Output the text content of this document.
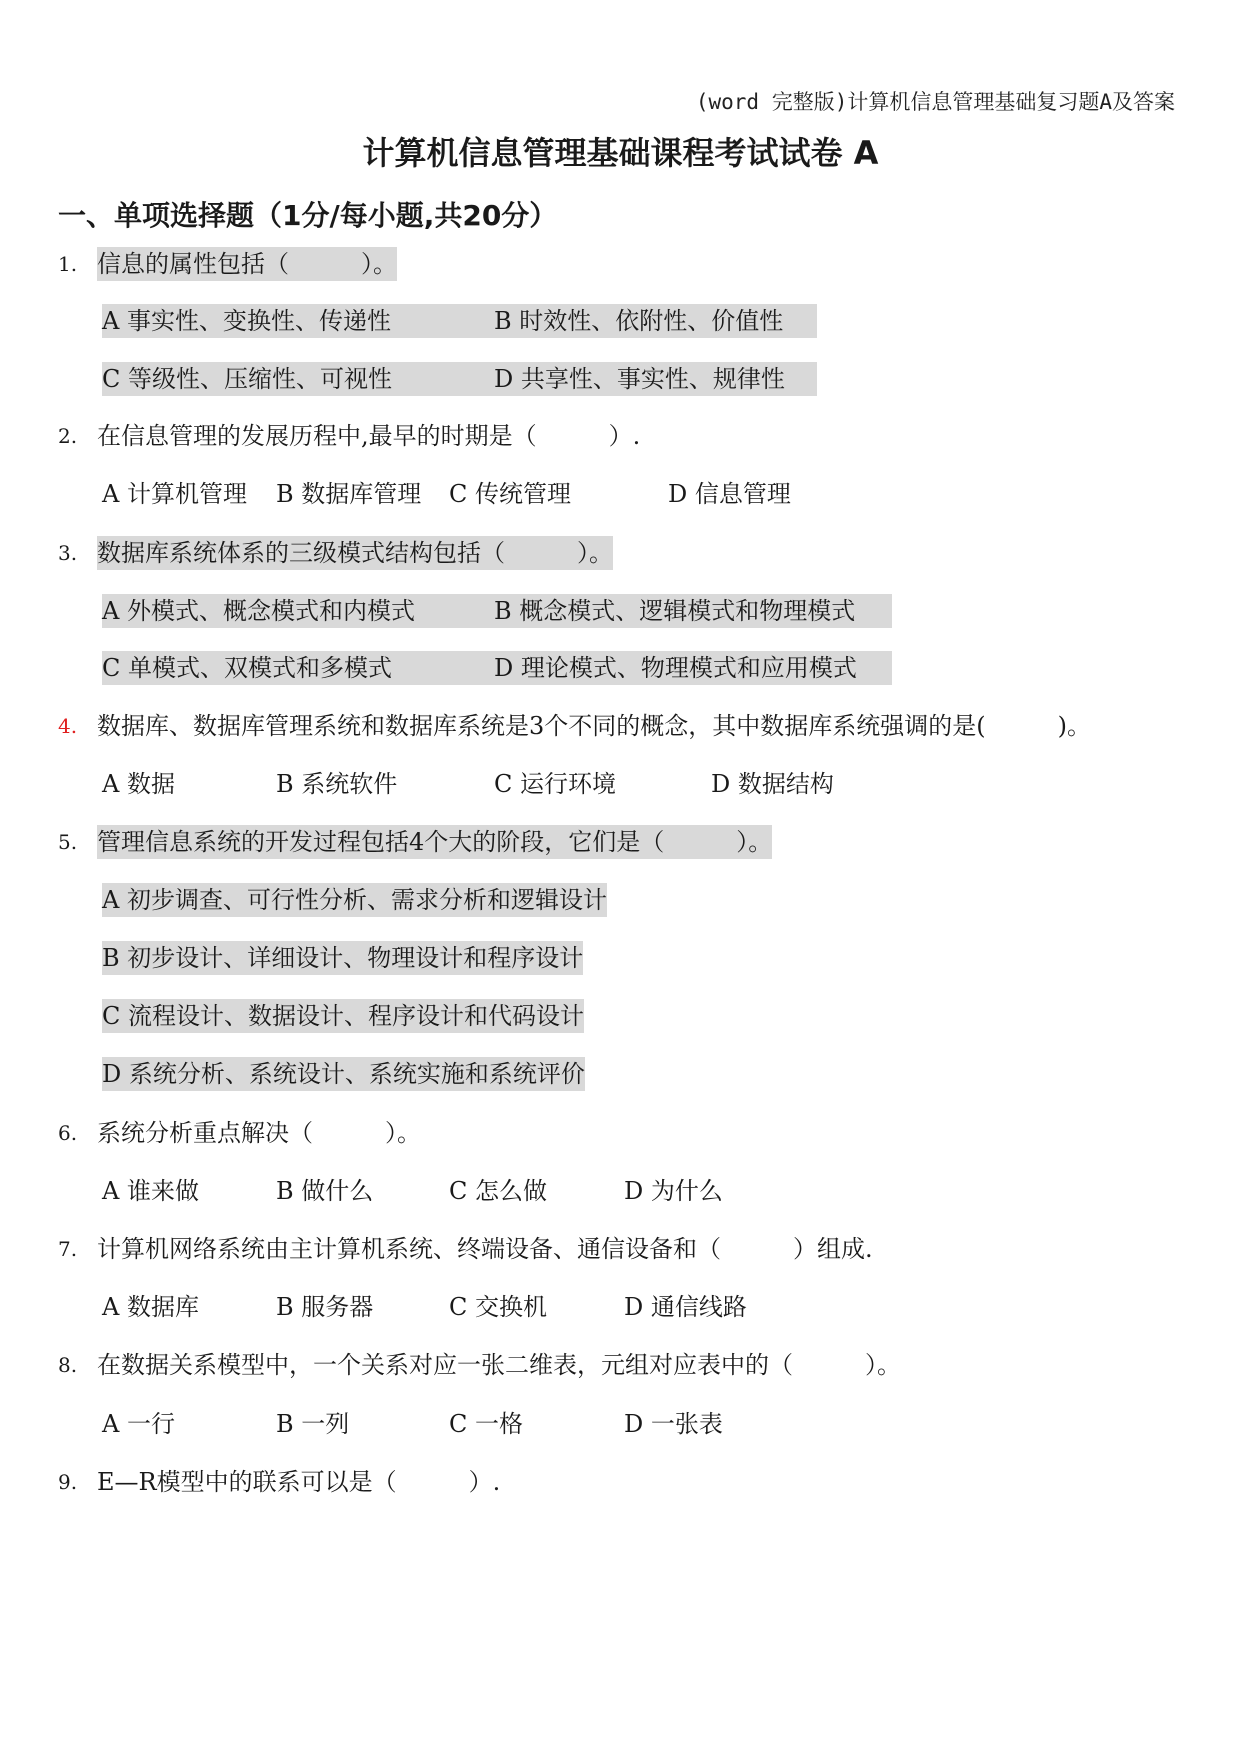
(word 完整版)计算机信息管理基础复习题A及答案
计算机信息管理基础课程考试试卷 A
一、单项选择题（1分/每小题,共20分）
1. 信息的属性包括（　　　）。
A 事实性、变换性、传递性	B 时效性、依附性、价值性
C 等级性、压缩性、可视性	D 共享性、事实性、规律性
2. 在信息管理的发展历程中,最早的时期是（　　　）.
A 计算机管理 B 数据库管理 C 传统管理	D 信息管理
3. 数据库系统体系的三级模式结构包括（　　　）。
A 外模式、概念模式和内模式	B 概念模式、逻辑模式和物理模式
C 单模式、双模式和多模式	D 理论模式、物理模式和应用模式
4. 数据库、数据库管理系统和数据库系统是3个不同的概念，其中数据库系统强调的是(　　　)。
A 数据	B 系统软件	C 运行环境	D 数据结构
5. 管理信息系统的开发过程包括4个大的阶段，它们是（　　　）。
A 初步调查、可行性分析、需求分析和逻辑设计
B 初步设计、详细设计、物理设计和程序设计
C 流程设计、数据设计、程序设计和代码设计
D 系统分析、系统设计、系统实施和系统评价
6. 系统分析重点解决（　　　）。
A 谁来做	B 做什么	C 怎么做	D 为什么
7. 计算机网络系统由主计算机系统、终端设备、通信设备和（　　　）组成.
A 数据库	B 服务器	C 交换机	D 通信线路
8. 在数据关系模型中，一个关系对应一张二维表，元组对应表中的（　　　）。
A 一行	B 一列	C 一格	D 一张表
9. E—R模型中的联系可以是（　　　）.
